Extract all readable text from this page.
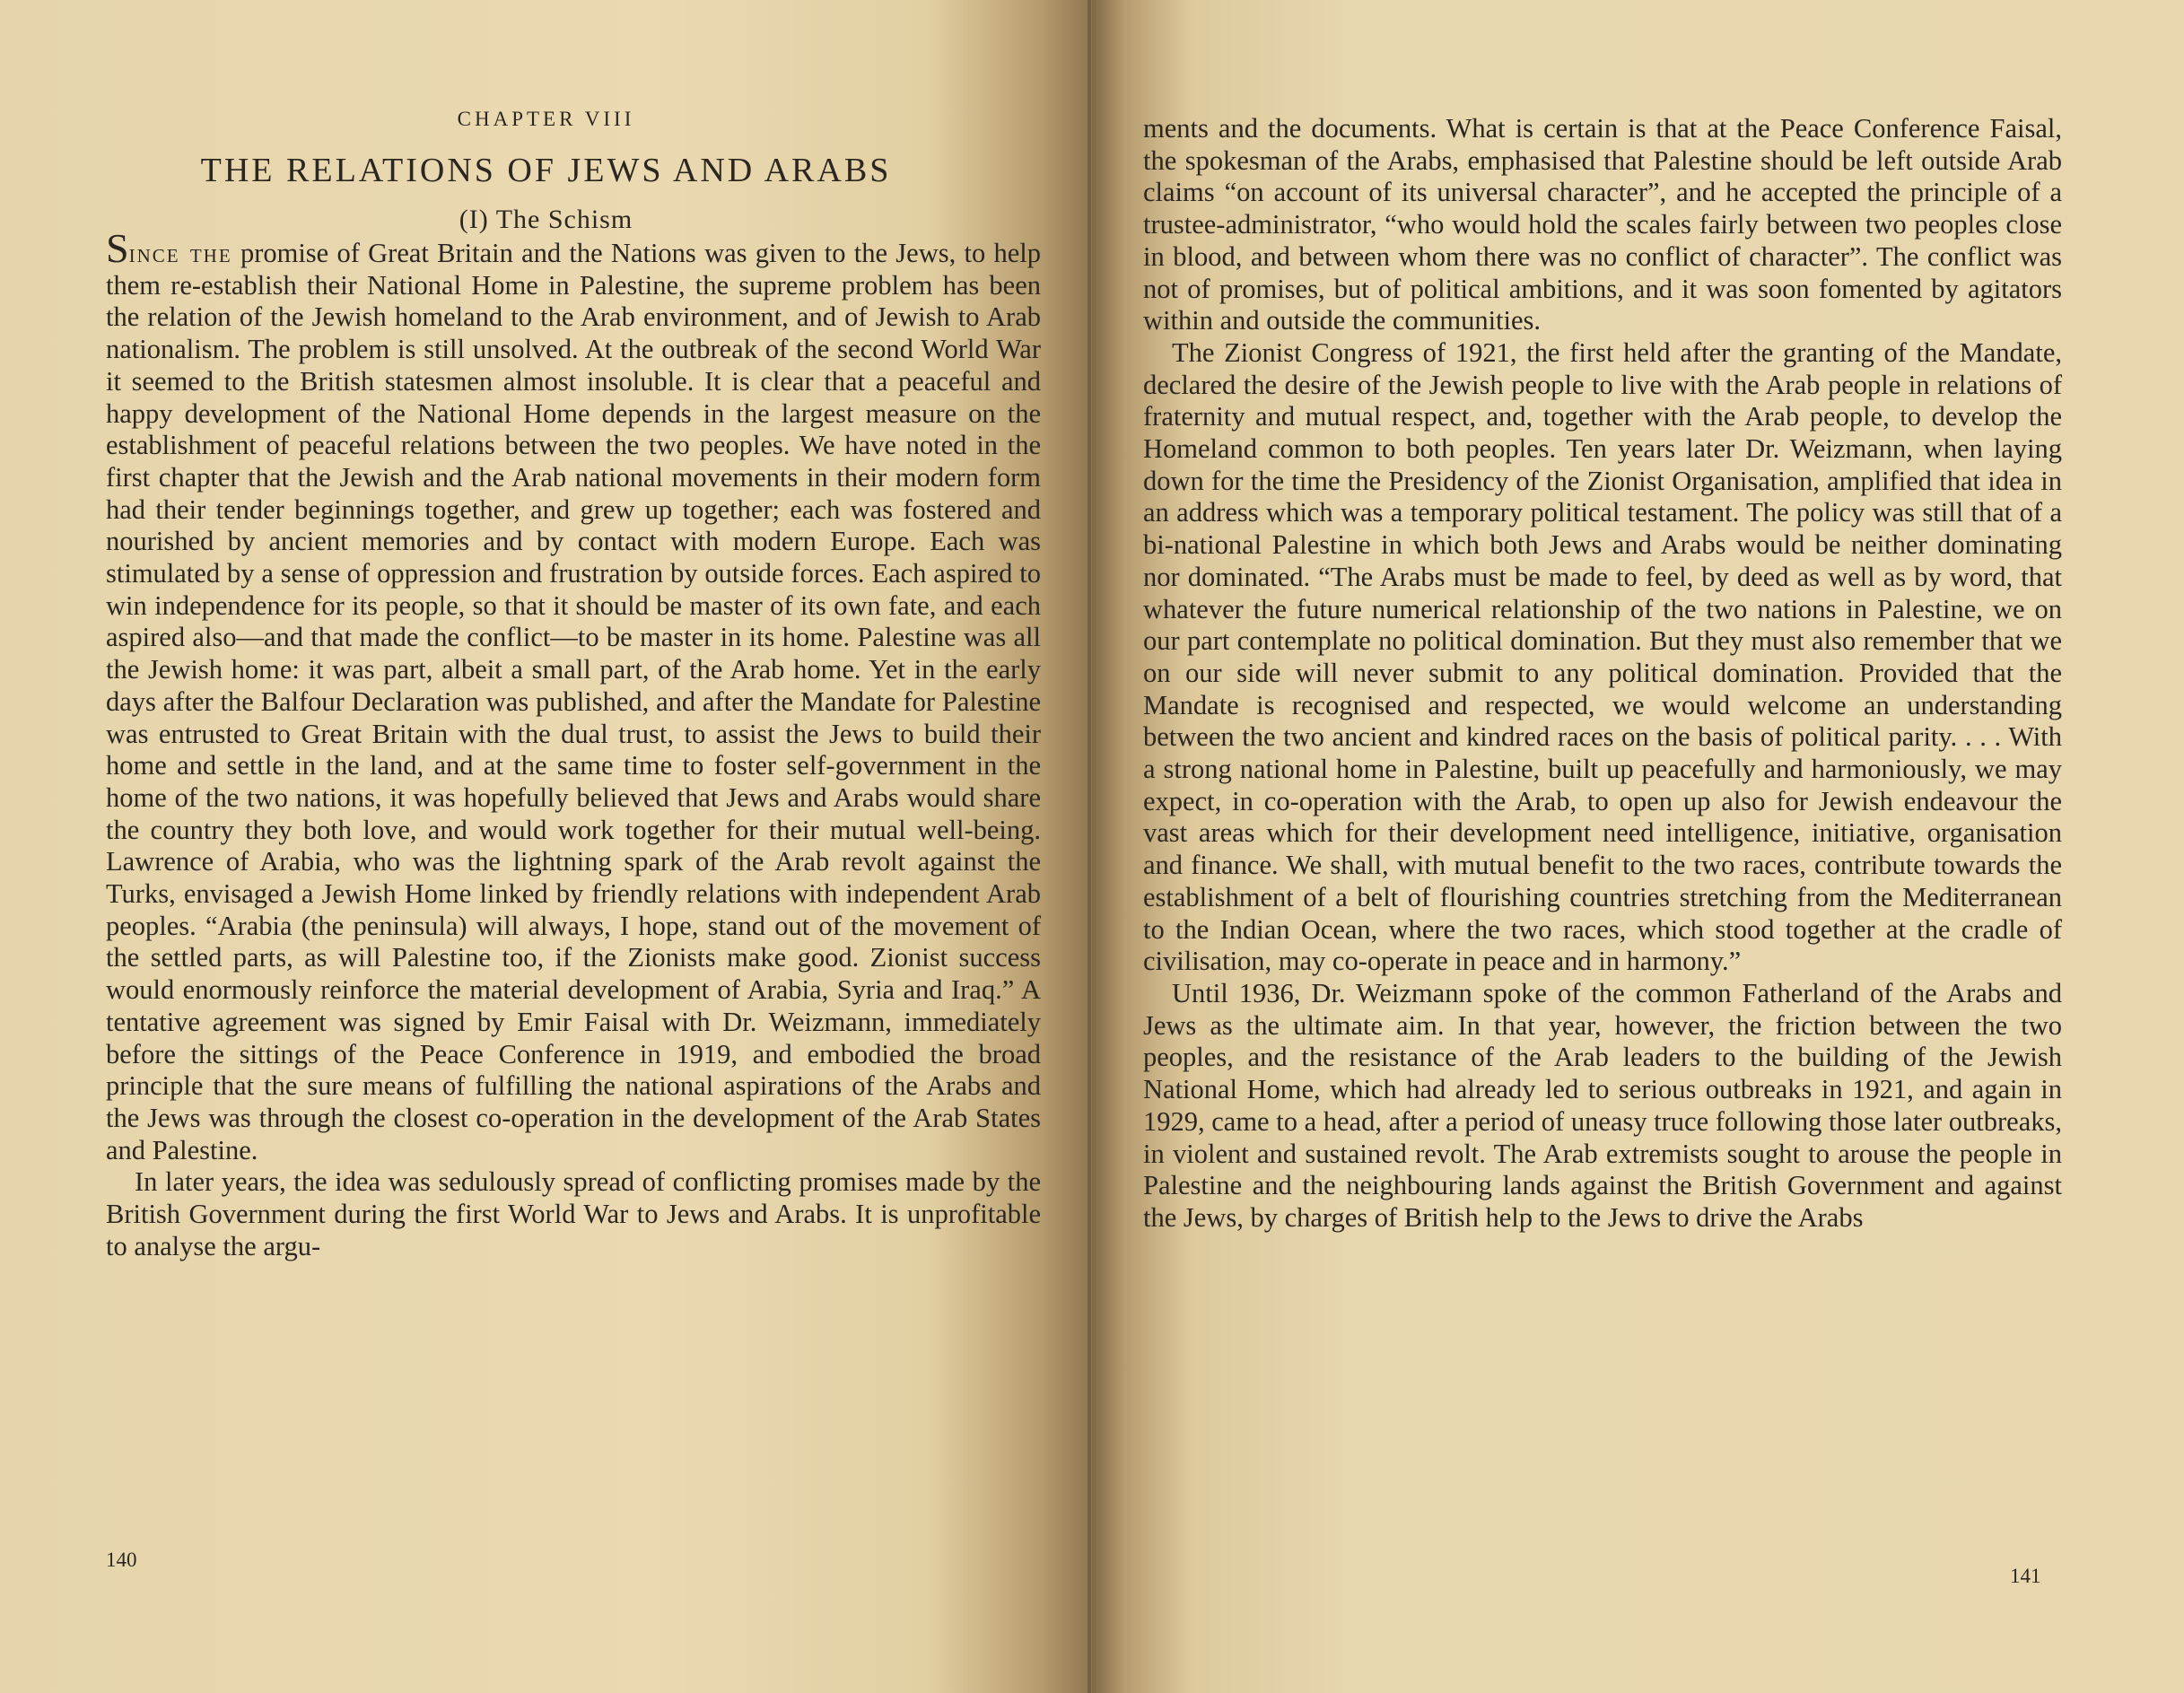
CHAPTER VIII
THE RELATIONS OF JEWS AND ARABS
(I) The Schism

Since the promise of Great Britain and the Nations was given to the Jews, to help them re-establish their National Home in Palestine, the supreme problem has been the relation of the Jewish homeland to the Arab environment, and of Jewish to Arab nationalism. The problem is still unsolved. At the outbreak of the second World War it seemed to the British statesmen almost insoluble. It is clear that a peaceful and happy development of the National Home depends in the largest measure on the establishment of peaceful relations between the two peoples. We have noted in the first chapter that the Jewish and the Arab national movements in their modern form had their tender beginnings together, and grew up together; each was fostered and nourished by ancient memories and by contact with modern Europe. Each was stimulated by a sense of oppression and frustration by outside forces. Each aspired to win independence for its people, so that it should be master of its own fate, and each aspired also—and that made the conflict—to be master in its home. Palestine was all the Jewish home: it was part, albeit a small part, of the Arab home. Yet in the early days after the Balfour Declaration was published, and after the Mandate for Palestine was entrusted to Great Britain with the dual trust, to assist the Jews to build their home and settle in the land, and at the same time to foster self-government in the home of the two nations, it was hopefully believed that Jews and Arabs would share the country they both love, and would work together for their mutual well-being. Lawrence of Arabia, who was the lightning spark of the Arab revolt against the Turks, envisaged a Jewish Home linked by friendly relations with independent Arab peoples. “Arabia (the peninsula) will always, I hope, stand out of the movement of the settled parts, as will Palestine too, if the Zionists make good. Zionist success would enormously reinforce the material development of Arabia, Syria and Iraq.” A tentative agreement was signed by Emir Faisal with Dr. Weizmann, immediately before the sittings of the Peace Conference in 1919, and embodied the broad principle that the sure means of fulfilling the national aspirations of the Arabs and the Jews was through the closest co-operation in the development of the Arab States and Palestine.

In later years, the idea was sedulously spread of conflicting promises made by the British Government during the first World War to Jews and Arabs. It is unprofitable to analyse the argu-

140

ments and the documents. What is certain is that at the Peace Conference Faisal, the spokesman of the Arabs, emphasised that Palestine should be left outside Arab claims “on account of its universal character”, and he accepted the principle of a trustee-administrator, “who would hold the scales fairly between two peoples close in blood, and between whom there was no conflict of character”. The conflict was not of promises, but of political ambitions, and it was soon fomented by agitators within and outside the communities.

The Zionist Congress of 1921, the first held after the granting of the Mandate, declared the desire of the Jewish people to live with the Arab people in relations of fraternity and mutual respect, and, together with the Arab people, to develop the Homeland common to both peoples. Ten years later Dr. Weizmann, when laying down for the time the Presidency of the Zionist Organisation, amplified that idea in an address which was a temporary political testament. The policy was still that of a bi-national Palestine in which both Jews and Arabs would be neither dominating nor dominated. “The Arabs must be made to feel, by deed as well as by word, that whatever the future numerical relationship of the two nations in Palestine, we on our part contemplate no political domination. But they must also remember that we on our side will never submit to any political domination. Provided that the Mandate is recognised and respected, we would welcome an understanding between the two ancient and kindred races on the basis of political parity. . . . With a strong national home in Palestine, built up peacefully and harmoniously, we may expect, in co-operation with the Arab, to open up also for Jewish endeavour the vast areas which for their development need intelligence, initiative, organisation and finance. We shall, with mutual benefit to the two races, contribute towards the establishment of a belt of flourishing countries stretching from the Mediterranean to the Indian Ocean, where the two races, which stood together at the cradle of civilisation, may co-operate in peace and in harmony.”

Until 1936, Dr. Weizmann spoke of the common Fatherland of the Arabs and Jews as the ultimate aim. In that year, however, the friction between the two peoples, and the resistance of the Arab leaders to the building of the Jewish National Home, which had already led to serious outbreaks in 1921, and again in 1929, came to a head, after a period of uneasy truce following those later outbreaks, in violent and sustained revolt. The Arab extremists sought to arouse the people in Palestine and the neighbouring lands against the British Government and against the Jews, by charges of British help to the Jews to drive the Arabs

141
